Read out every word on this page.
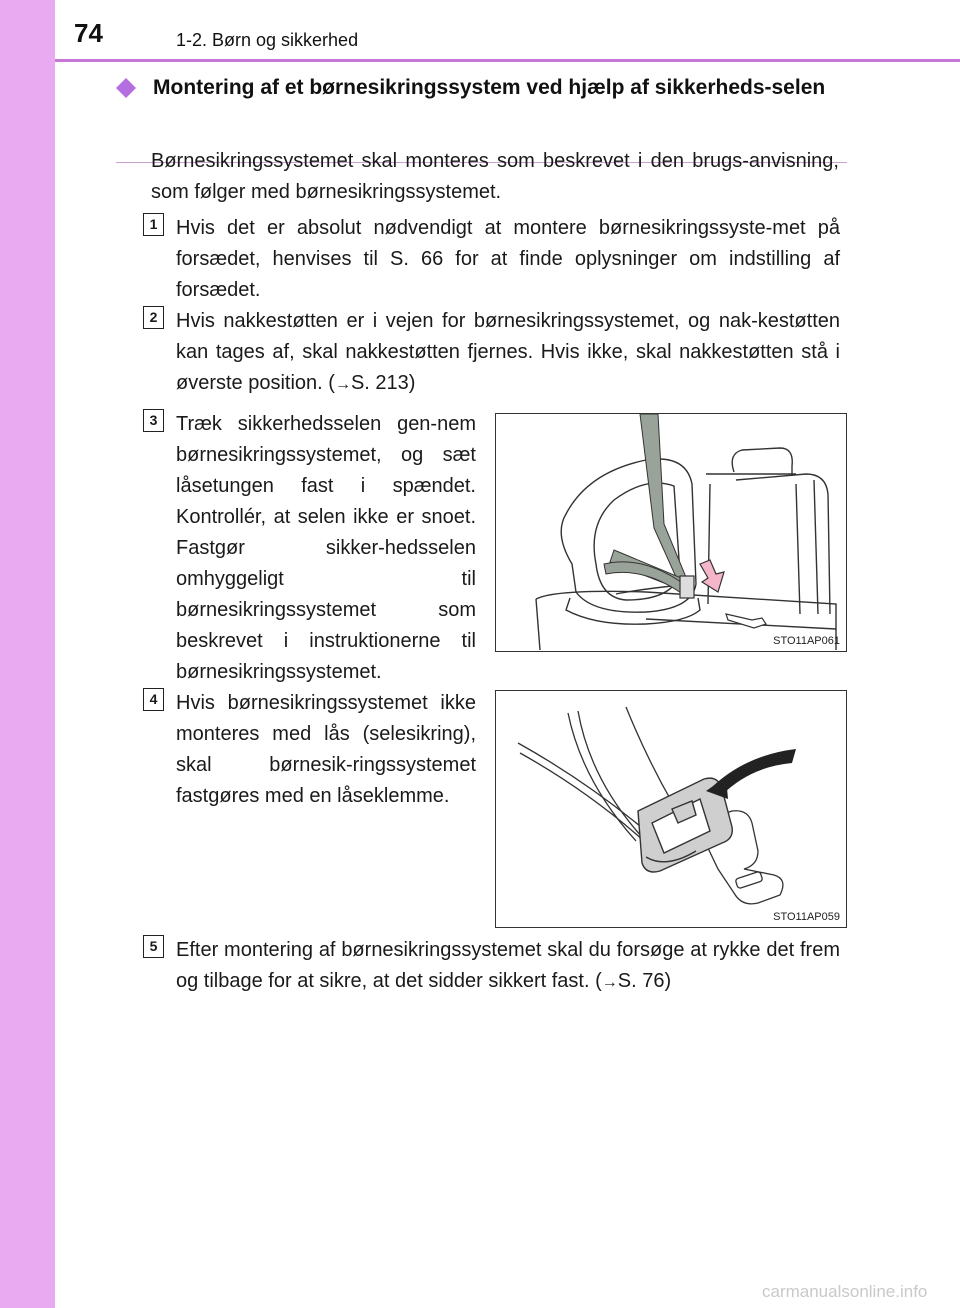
74	1-2. Børn og sikkerhed
Montering af et børnesikringssystem ved hjælp af sikkerheds-selen
Børnesikringssystemet skal monteres som beskrevet i den brugs-anvisning, som følger med børnesikringssystemet.
1 Hvis det er absolut nødvendigt at montere børnesikringssyste-met på forsædet, henvises til S. 66 for at finde oplysninger om indstilling af forsædet.
2 Hvis nakkestøtten er i vejen for børnesikringssystemet, og nak-kestøtten kan tages af, skal nakkestøtten fjernes. Hvis ikke, skal nakkestøtten stå i øverste position. (→S. 213)
3 Træk sikkerhedsselen gen-nem børnesikringssystemet, og sæt låsetungen fast i spændet. Kontrollér, at selen ikke er snoet. Fastgør sikker-hedsselen omhyggeligt til børnesikringssystemet som beskrevet i instruktionerne til børnesikringssystemet.
STO11AP061
4 Hvis børnesikringssystemet ikke monteres med lås (selesikring), skal børnesik-ringssystemet fastgøres med en låseklemme.
STO11AP059
5 Efter montering af børnesikringssystemet skal du forsøge at rykke det frem og tilbage for at sikre, at det sidder sikkert fast. (→S. 76)
carmanualsonline.info
